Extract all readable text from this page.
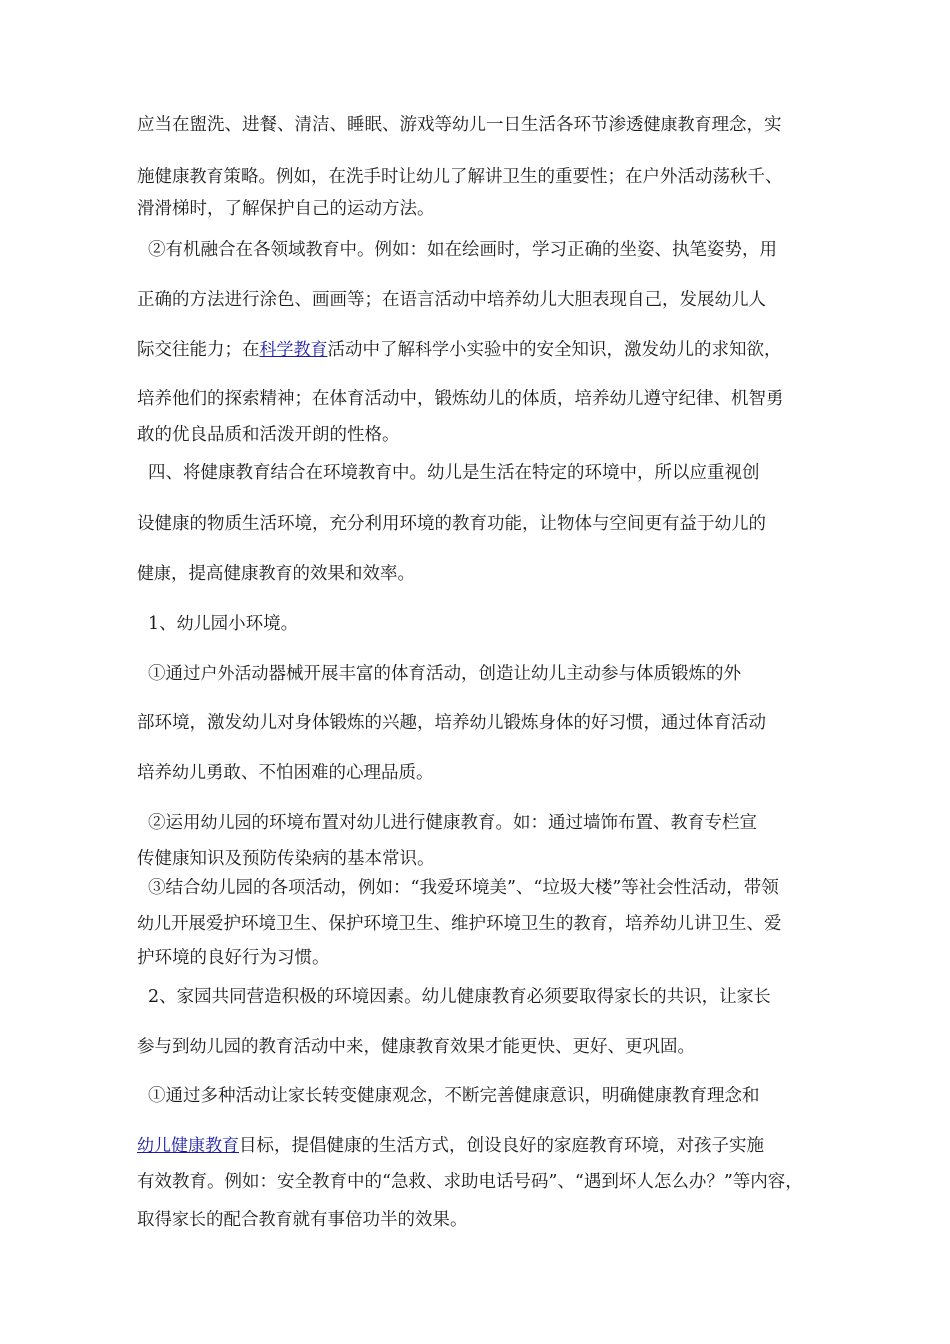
应当在盥洗、进餐、清洁、睡眠、游戏等幼儿一日生活各环节渗透健康教育理念，实
施健康教育策略。例如，在洗手时让幼儿了解讲卫生的重要性；在户外活动荡秋千、
滑滑梯时，了解保护自己的运动方法。
②有机融合在各领域教育中。例如：如在绘画时，学习正确的坐姿、执笔姿势，用
正确的方法进行涂色、画画等；在语言活动中培养幼儿大胆表现自己，发展幼儿人
际交往能力；在科学教育活动中了解科学小实验中的安全知识，激发幼儿的求知欲，
培养他们的探索精神；在体育活动中，锻炼幼儿的体质，培养幼儿遵守纪律、机智勇
敢的优良品质和活泼开朗的性格。
四、将健康教育结合在环境教育中。幼儿是生活在特定的环境中，所以应重视创
设健康的物质生活环境，充分利用环境的教育功能，让物体与空间更有益于幼儿的
健康，提高健康教育的效果和效率。
1、幼儿园小环境。
①通过户外活动器械开展丰富的体育活动，创造让幼儿主动参与体质锻炼的外
部环境，激发幼儿对身体锻炼的兴趣，培养幼儿锻炼身体的好习惯，通过体育活动
培养幼儿勇敢、不怕困难的心理品质。
②运用幼儿园的环境布置对幼儿进行健康教育。如：通过墙饰布置、教育专栏宣
传健康知识及预防传染病的基本常识。
③结合幼儿园的各项活动，例如：“我爱环境美”、“垃圾大楼”等社会性活动，带领
幼儿开展爱护环境卫生、保护环境卫生、维护环境卫生的教育，培养幼儿讲卫生、爱
护环境的良好行为习惯。
2、家园共同营造积极的环境因素。幼儿健康教育必须要取得家长的共识，让家长
参与到幼儿园的教育活动中来，健康教育效果才能更快、更好、更巩固。
①通过多种活动让家长转变健康观念，不断完善健康意识，明确健康教育理念和
幼儿健康教育目标，提倡健康的生活方式，创设良好的家庭教育环境，对孩子实施
有效教育。例如：安全教育中的“急救、求助电话号码”、“遇到坏人怎么办？”等内容，
取得家长的配合教育就有事倍功半的效果。
